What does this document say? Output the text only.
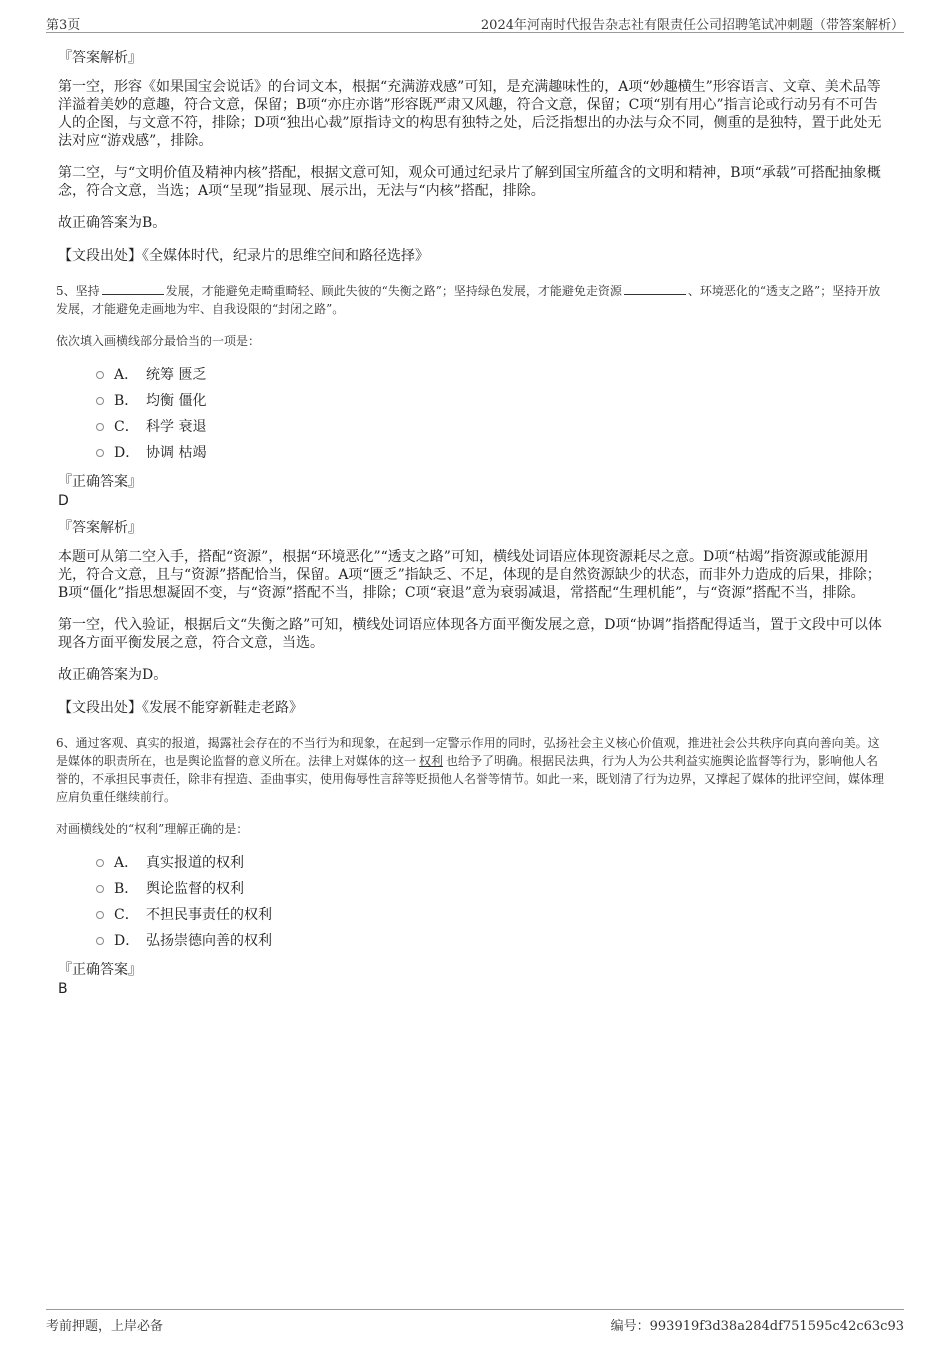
第3页	2024年河南时代报告杂志社有限责任公司招聘笔试冲刺题（带答案解析）
『答案解析』

第一空，形容《如果国宝会说话》的台词文本，根据“充满游戏感”可知，是充满趣味性的，A项“妙趣横生”形容语言、文章、美术品等洋溢着美妙的意趣，符合文意，保留；B项“亦庄亦谐”形容既严肃又风趣，符合文意，保留；C项“别有用心”指言论或行动另有不可告人的企图，与文意不符，排除；D项“独出心裁”原指诗文的构思有独特之处，后泛指想出的办法与众不同，侧重的是独特，置于此处无法对应“游戏感”，排除。

第二空，与“文明价值及精神内核”搭配，根据文意可知，观众可通过纪录片了解到国宝所蕴含的文明和精神，B项“承载”可搭配抽象概念，符合文意，当选；A项“呈现”指显现、展示出，无法与“内核”搭配，排除。

故正确答案为B。

【文段出处】《全媒体时代，纪录片的思维空间和路径选择》

5、坚持	发展，才能避免走畸重畸轻、顾此失彼的“失衡之路”；坚持绿色发展，才能避免走资源	、环境恶化的“透支之路”；坚持开放发展，才能避免走画地为牢、自我设限的“封闭之路”。

依次填入画横线部分最恰当的一项是：

A． 统筹 匮乏
B． 均衡 僵化
C． 科学 衰退
D． 协调 枯竭
『正确答案』
D
『答案解析』

本题可从第二空入手，搭配“资源”，根据“环境恶化”“透支之路”可知，横线处词语应体现资源耗尽之意。D项“枯竭”指资源或能源用光，符合文意，且与“资源”搭配恰当，保留。A项“匮乏”指缺乏、不足，体现的是自然资源缺少的状态，而非外力造成的后果，排除；B项“僵化”指思想凝固不变，与“资源”搭配不当，排除；C项“衰退”意为衰弱减退，常搭配“生理机能”，与“资源”搭配不当，排除。

第一空，代入验证，根据后文“失衡之路”可知，横线处词语应体现各方面平衡发展之意，D项“协调”指搭配得适当，置于文段中可以体现各方面平衡发展之意，符合文意，当选。

故正确答案为D。

【文段出处】《发展不能穿新鞋走老路》

6、通过客观、真实的报道，揭露社会存在的不当行为和现象，在起到一定警示作用的同时，弘扬社会主义核心价值观，推进社会公共秩序向真向善向美。这是媒体的职责所在，也是舆论监督的意义所在。法律上对媒体的这一 权利 也给予了明确。根据民法典，行为人为公共利益实施舆论监督等行为，影响他人名誉的，不承担民事责任，除非有捏造、歪曲事实，使用侮辱性言辞等贬损他人名誉等情节。如此一来，既划清了行为边界，又撑起了媒体的批评空间，媒体理应肩负重任继续前行。

对画横线处的“权利”理解正确的是：

A． 真实报道的权利
B． 舆论监督的权利
C． 不担民事责任的权利
D． 弘扬崇德向善的权利
『正确答案』
B
考前押题，上岸必备	编号：993919f3d38a284df751595c42c63c93
